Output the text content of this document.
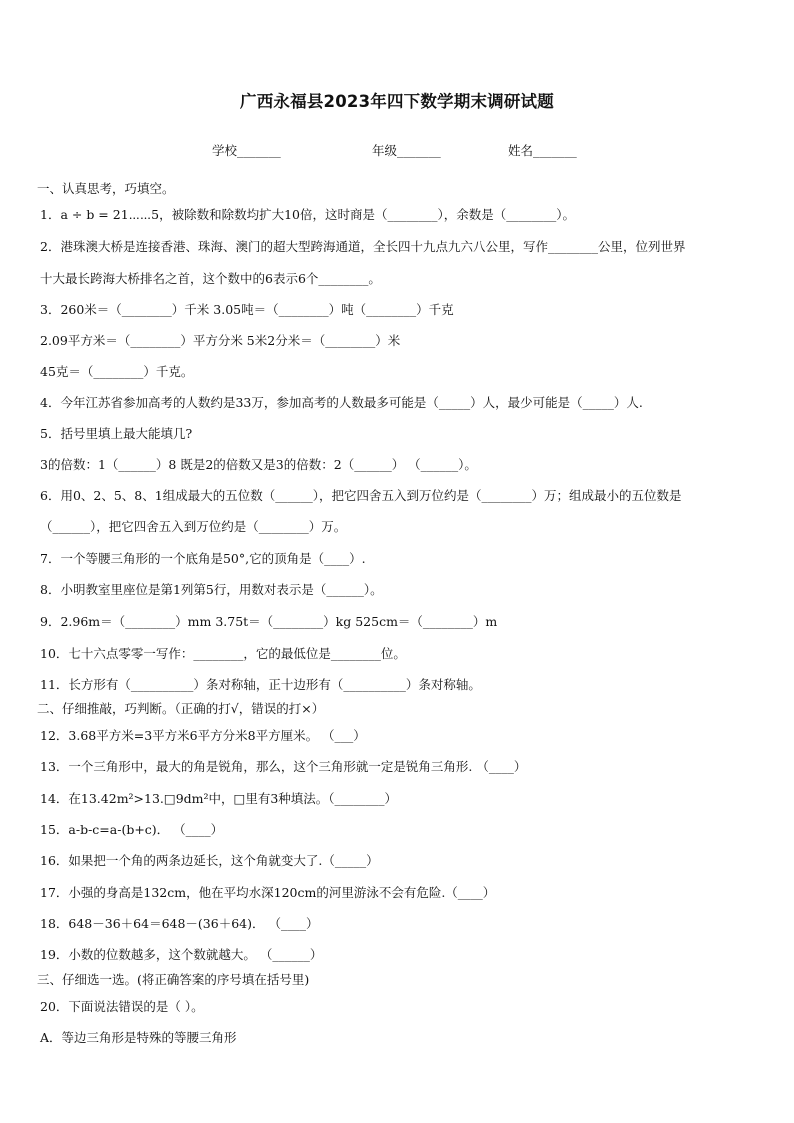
广西永福县2023年四下数学期末调研试题
学校_______	年级_______	姓名_______
一、认真思考，巧填空。
1．a ÷ b = 21⋯⋯5，被除数和除数均扩大10倍，这时商是（________），余数是（________）。
2．港珠澳大桥是连接香港、珠海、澳门的超大型跨海通道，全长四十九点九六八公里，写作________公里，位列世界
十大最长跨海大桥排名之首，这个数中的6表示6个________。
3．260米＝（________）千米 3.05吨＝（________）吨（________）千克
2.09平方米＝（________）平方分米 5米2分米＝（________）米
45克＝（________）千克。
4．今年江苏省参加高考的人数约是33万，参加高考的人数最多可能是（_____）人，最少可能是（_____）人.
5．括号里填上最大能填几?
3的倍数：1（______）8 既是2的倍数又是3的倍数：2（______） （______）。
6．用0、2、5、8、1组成最大的五位数（______），把它四舍五入到万位约是（________）万；组成最小的五位数是
（______），把它四舍五入到万位约是（________）万。
7．一个等腰三角形的一个底角是50°,它的顶角是（____）.
8．小明教室里座位是第1列第5行，用数对表示是（______）。
9．2.96m＝（________）mm 3.75t＝（________）kg 525cm＝（________）m
10．七十六点零零一写作：________，它的最低位是________位。
11．长方形有（__________）条对称轴，正十边形有（__________）条对称轴。
二、仔细推敲，巧判断。（正确的打√，错误的打×）
12．3.68平方米=3平方米6平方分米8平方厘米。 （___）
13．一个三角形中，最大的角是锐角，那么，这个三角形就一定是锐角三角形. （____）
14．在13.42m²>13.□9dm²中，□里有3种填法。（________）
15．a-b-c=a-(b+c)． （____）
16．如果把一个角的两条边延长，这个角就变大了.（_____）
17．小强的身高是132cm，他在平均水深120cm的河里游泳不会有危险.（____）
18．648－36＋64＝648－(36＋64)． （____）
19．小数的位数越多，这个数就越大。 （______）
三、仔细选一选。(将正确答案的序号填在括号里)
20．下面说法错误的是（ ）。
A．等边三角形是特殊的等腰三角形
